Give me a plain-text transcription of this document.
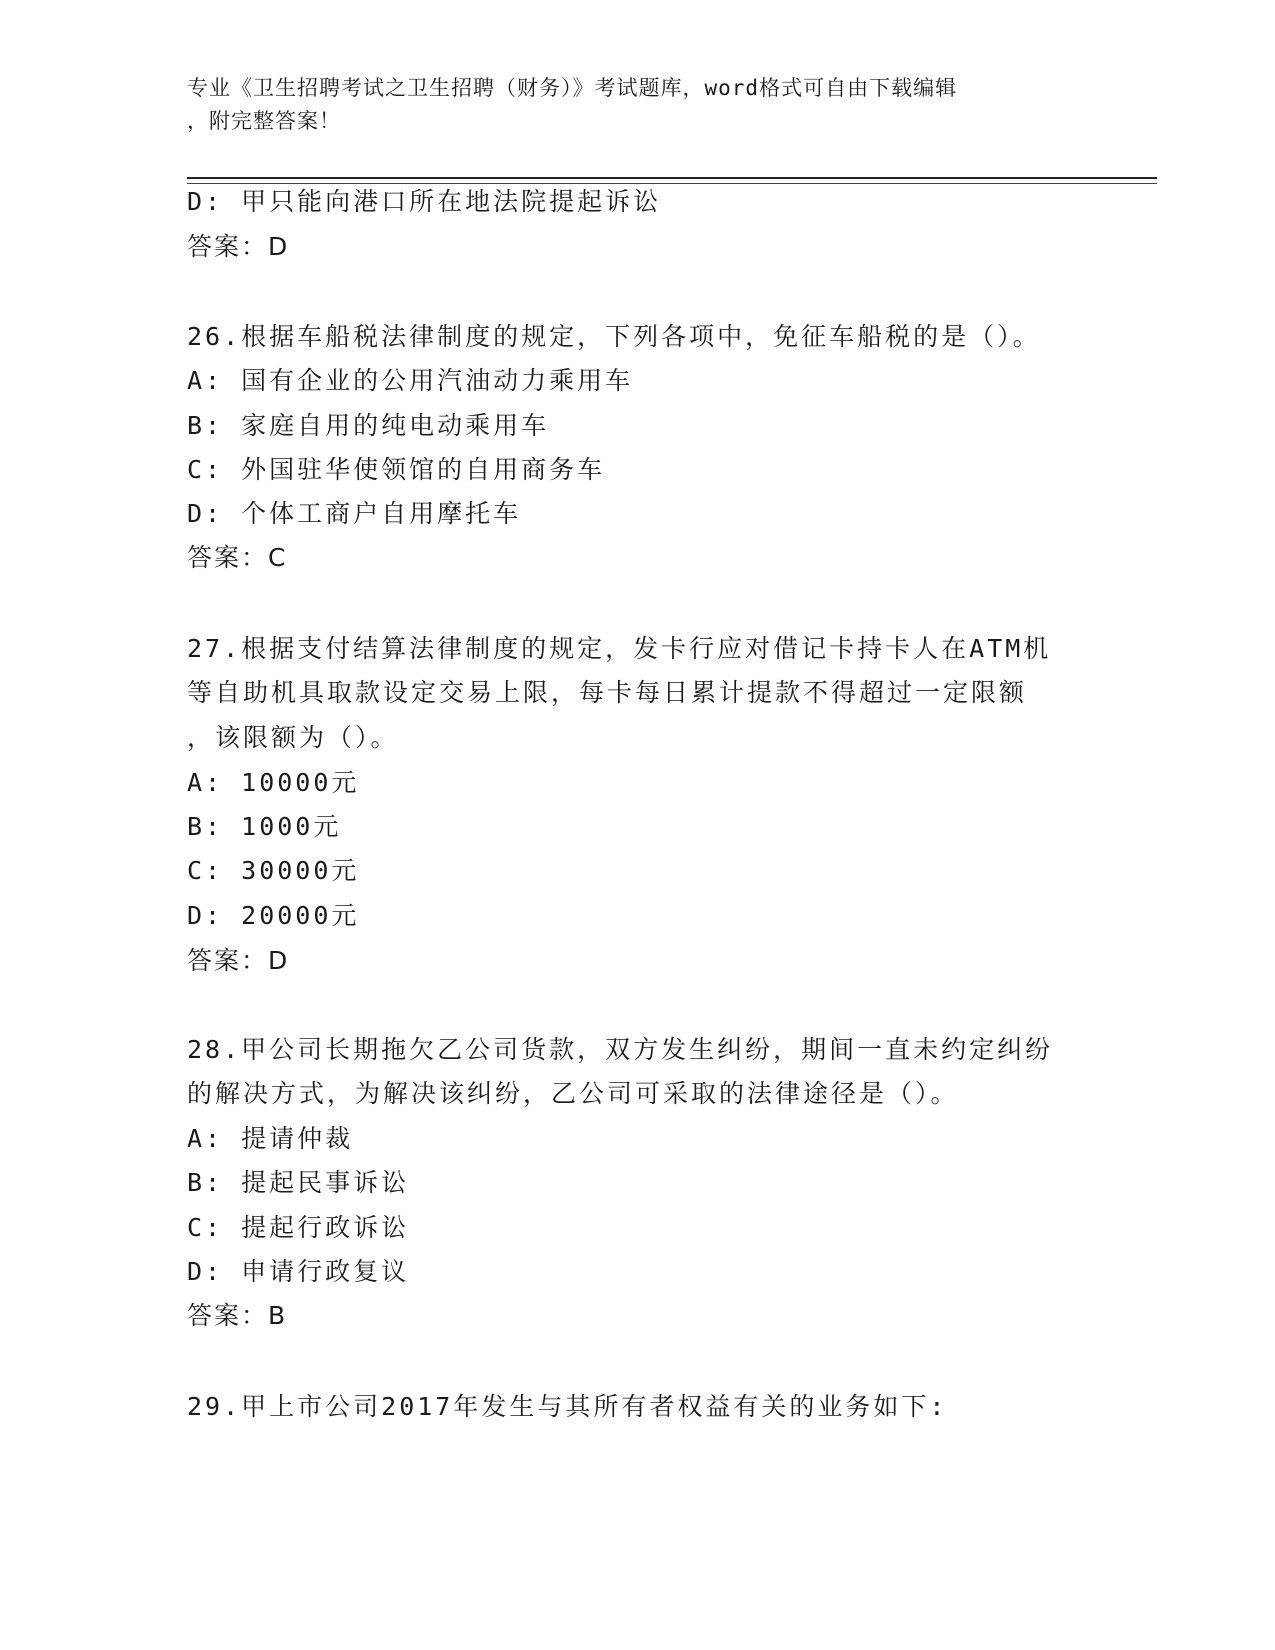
专业《卫生招聘考试之卫生招聘（财务）》考试题库，word格式可自由下载编辑
，附完整答案！
D: 甲只能向港口所在地法院提起诉讼
答案：D
26.根据车船税法律制度的规定，下列各项中，免征车船税的是（）。
A: 国有企业的公用汽油动力乘用车
B: 家庭自用的纯电动乘用车
C: 外国驻华使领馆的自用商务车
D: 个体工商户自用摩托车
答案：C
27.根据支付结算法律制度的规定，发卡行应对借记卡持卡人在ATM机
等自助机具取款设定交易上限，每卡每日累计提款不得超过一定限额
，该限额为（）。
A: 10000元
B: 1000元
C: 30000元
D: 20000元
答案：D
28.甲公司长期拖欠乙公司货款，双方发生纠纷，期间一直未约定纠纷
的解决方式，为解决该纠纷，乙公司可采取的法律途径是（）。
A: 提请仲裁
B: 提起民事诉讼
C: 提起行政诉讼
D: 申请行政复议
答案：B
29.甲上市公司2017年发生与其所有者权益有关的业务如下:
